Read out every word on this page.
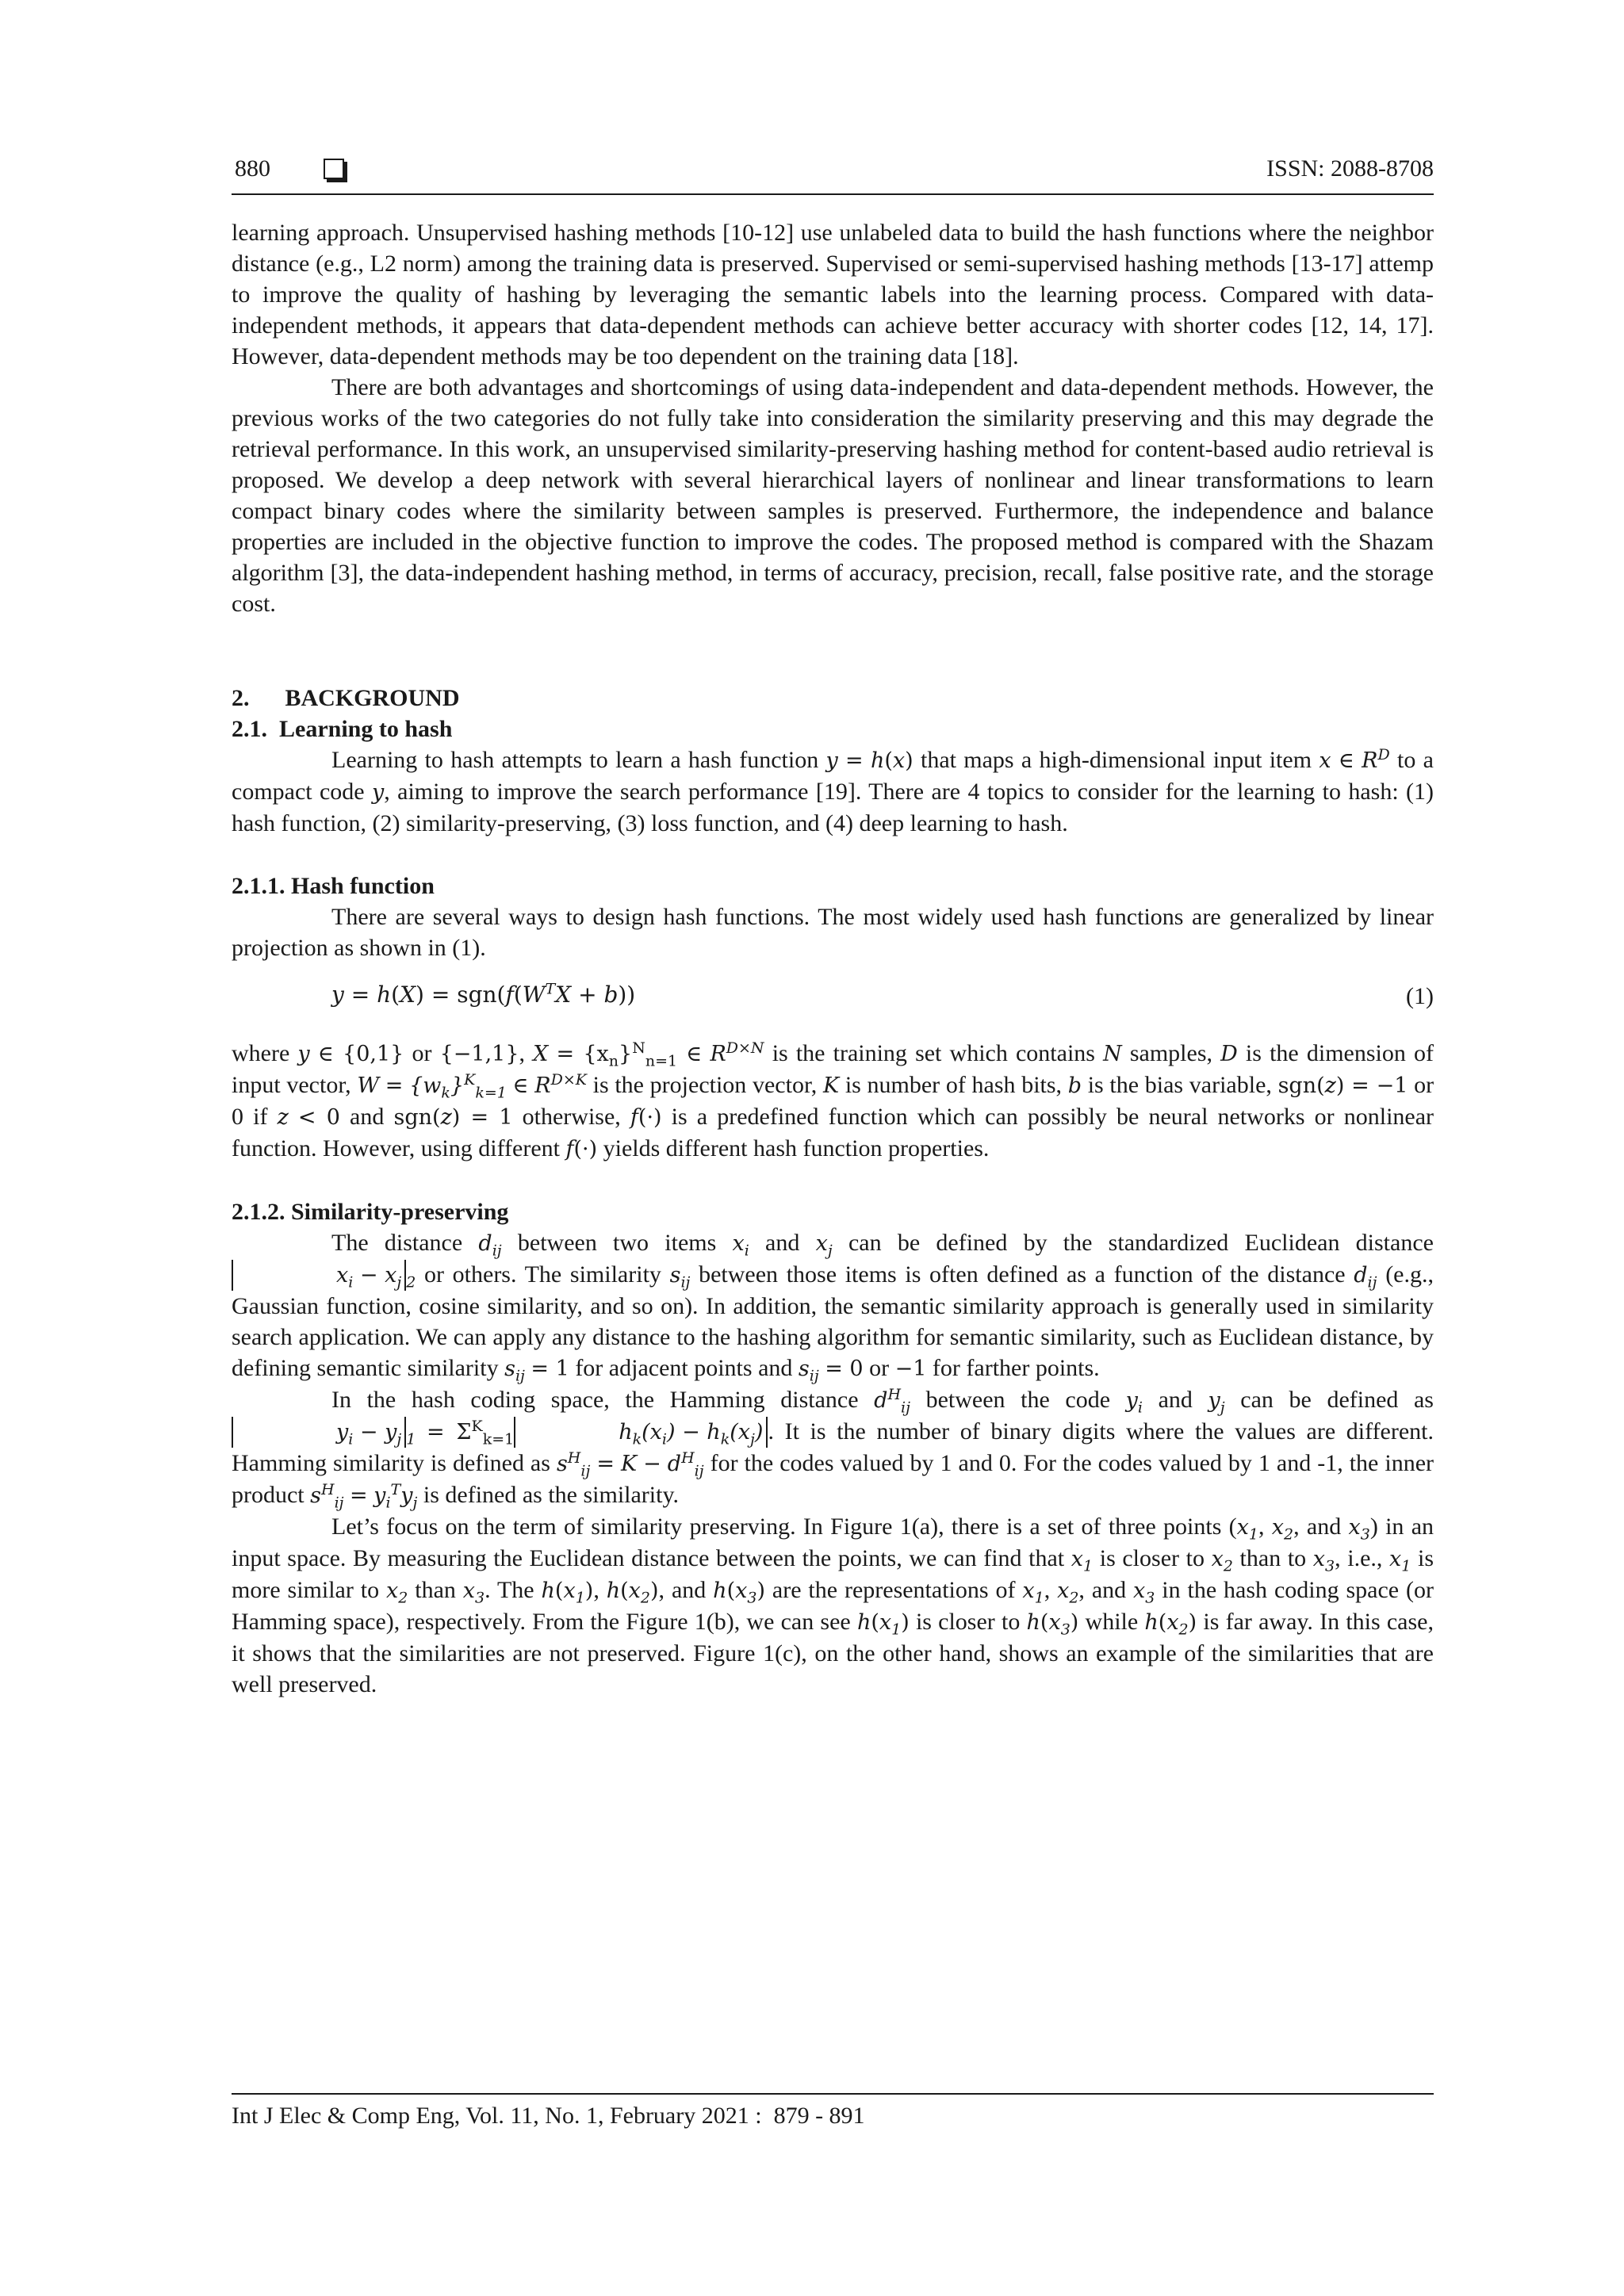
880	ISSN: 2088-8708

learning approach. Unsupervised hashing methods [10-12] use unlabeled data to build the hash functions where the neighbor distance (e.g., L2 norm) among the training data is preserved. Supervised or semi-supervised hashing methods [13-17] attemp to improve the quality of hashing by leveraging the semantic labels into the learning process. Compared with data-independent methods, it appears that data-dependent methods can achieve better accuracy with shorter codes [12, 14, 17]. However, data-dependent methods may be too dependent on the training data [18].

There are both advantages and shortcomings of using data-independent and data-dependent methods. However, the previous works of the two categories do not fully take into consideration the similarity preserving and this may degrade the retrieval performance. In this work, an unsupervised similarity-preserving hashing method for content-based audio retrieval is proposed. We develop a deep network with several hierarchical layers of nonlinear and linear transformations to learn compact binary codes where the similarity between samples is preserved. Furthermore, the independence and balance properties are included in the objective function to improve the codes. The proposed method is compared with the Shazam algorithm [3], the data-independent hashing method, in terms of accuracy, precision, recall, false positive rate, and the storage cost.

2.  BACKGROUND

2.1. Learning to hash

Learning to hash attempts to learn a hash function y = h(x) that maps a high-dimensional input item x ∈ $R^D$ to a compact code y, aiming to improve the search performance [19]. There are 4 topics to consider for the learning to hash: (1) hash function, (2) similarity-preserving, (3) loss function, and (4) deep learning to hash.

2.1.1. Hash function

There are several ways to design hash functions. The most widely used hash functions are generalized by linear projection as shown in (1).

$y = h(X) = sgn(f(W^TX + b))$	(1)

where y ∈ {0,1} or {−1,1}, $X = \{x_n\}^N_{n=1}$ ∈ $R^{D\times N}$ is the training set which contains N samples, D is the dimension of input vector, $W = \{w_k\}^K_{k=1}$ ∈ $R^{D\times K}$ is the projection vector, K is number of hash bits, b is the bias variable, sgn(z) = −1 or 0 if z < 0 and sgn(z) = 1 otherwise, f(·) is a predefined function which can possibly be neural networks or nonlinear function. However, using different f(·) yields different hash function properties.

2.1.2. Similarity-preserving

The distance $d_{ij}$ between two items $x_i$ and $x_j$ can be defined by the standardized Euclidean distance $x_i - x_j$ $_2$ or others. The similarity $s_{ij}$ between those items is often defined as a function of the distance $d_{ij}$ (e.g., Gaussian function, cosine similarity, and so on). In addition, the semantic similarity approach is generally used in similarity search application. We can apply any distance to the hashing algorithm for semantic similarity, such as Euclidean distance, by defining semantic similarity $s_{ij} = 1$ for adjacent points and $s_{ij} = 0$ or −1 for farther points.

In the hash coding space, the Hamming distance $d^H_{ij}$ between the code $y_i$ and $y_j$ can be defined as $y_i - y_j$ $_1 = \Sigma^K_{k=1}$	$h_k(x_i) - h_k(x_j)$ . It is the number of binary digits where the values are different. Hamming similarity is defined as $s^H_{ij} = K - d^H_{ij}$ for the codes valued by 1 and 0. For the codes valued by 1 and -1, the inner product $s^H_{ij} = y_i^Ty_j$ is defined as the similarity.

Let’s focus on the term of similarity preserving. In Figure 1(a), there is a set of three points ($x_1$, $x_2$, and $x_3$) in an input space. By measuring the Euclidean distance between the points, we can find that $x_1$ is closer to $x_2$ than to $x_3$, i.e., $x_1$ is more similar to $x_2$ than $x_3$. The $h(x_1)$, $h(x_2)$, and $h(x_3)$ are the representations of $x_1$, $x_2$, and $x_3$ in the hash coding space (or Hamming space), respectively. From the Figure 1(b), we can see $h(x_1)$ is closer to $h(x_3)$ while $h(x_2)$ is far away. In this case, it shows that the similarities are not preserved. Figure 1(c), on the other hand, shows an example of the similarities that are well preserved.

Int J Elec & Comp Eng, Vol. 11, No. 1, February 2021 : 879 - 891
